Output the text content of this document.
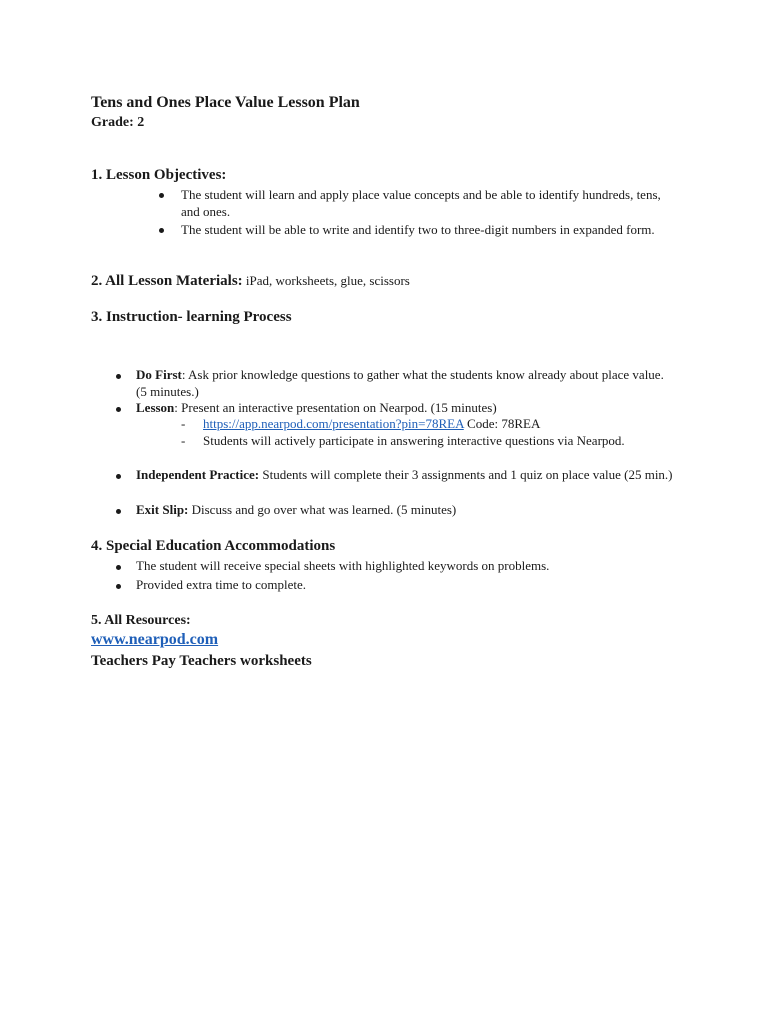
Tens and Ones Place Value Lesson Plan
Grade: 2
1. Lesson Objectives:
The student will learn and apply place value concepts and be able to identify hundreds, tens, and ones.
The student will be able to write and identify two to three-digit numbers in expanded form.
2. All Lesson Materials: iPad, worksheets, glue, scissors
3. Instruction- learning Process
Do First: Ask prior knowledge questions to gather what the students know already about place value. (5 minutes.)
Lesson: Present an interactive presentation on Nearpod. (15 minutes)
- https://app.nearpod.com/presentation?pin=78REA Code: 78REA
- Students will actively participate in answering interactive questions via Nearpod.
Independent Practice: Students will complete their 3 assignments and 1 quiz on place value (25 min.)
Exit Slip: Discuss and go over what was learned. (5 minutes)
4. Special Education Accommodations
The student will receive special sheets with highlighted keywords on problems.
Provided extra time to complete.
5. All Resources:
www.nearpod.com
Teachers Pay Teachers worksheets
